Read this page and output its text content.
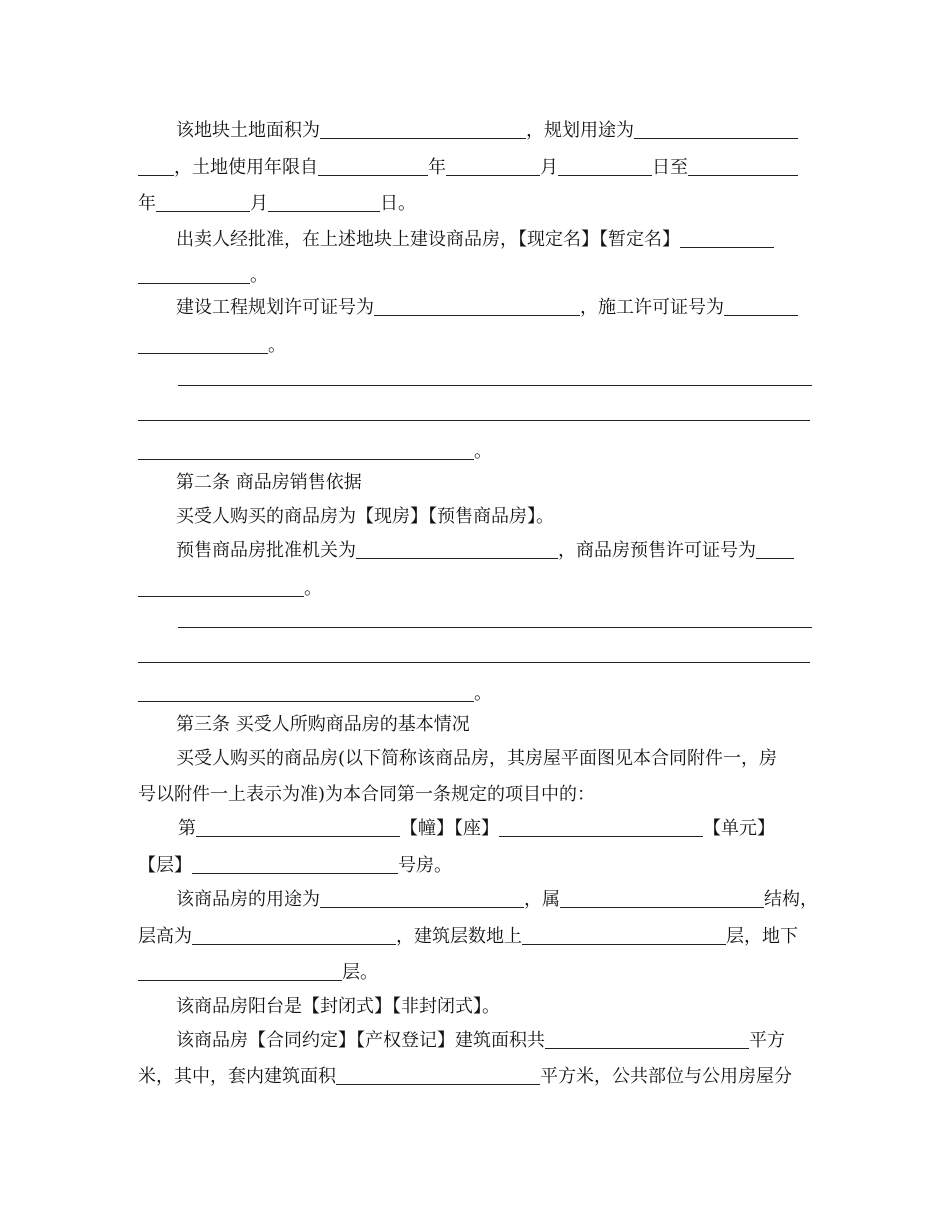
该地块土地面积为	，规划用途为
，土地使用年限自	年	月	日至
年	月	日。
出卖人经批准，在上述地块上建设商品房，【现定名】【暂定名】
。
建设工程规划许可证号为	，施工许可证号为
。
。
第二条 商品房销售依据
买受人购买的商品房为【现房】【预售商品房】。
预售商品房批准机关为	，商品房预售许可证号为
。
。
第三条 买受人所购商品房的基本情况
买受人购买的商品房(以下简称该商品房，其房屋平面图见本合同附件一，房
号以附件一上表示为准)为本合同第一条规定的项目中的：
第	【幢】【座】	【单元】
【层】	号房。
该商品房的用途为	，属	结构，
层高为	，建筑层数地上	层，地下
层。
该商品房阳台是【封闭式】【非封闭式】。
该商品房【合同约定】【产权登记】建筑面积共	平方
米，其中，套内建筑面积	平方米，公共部位与公用房屋分
